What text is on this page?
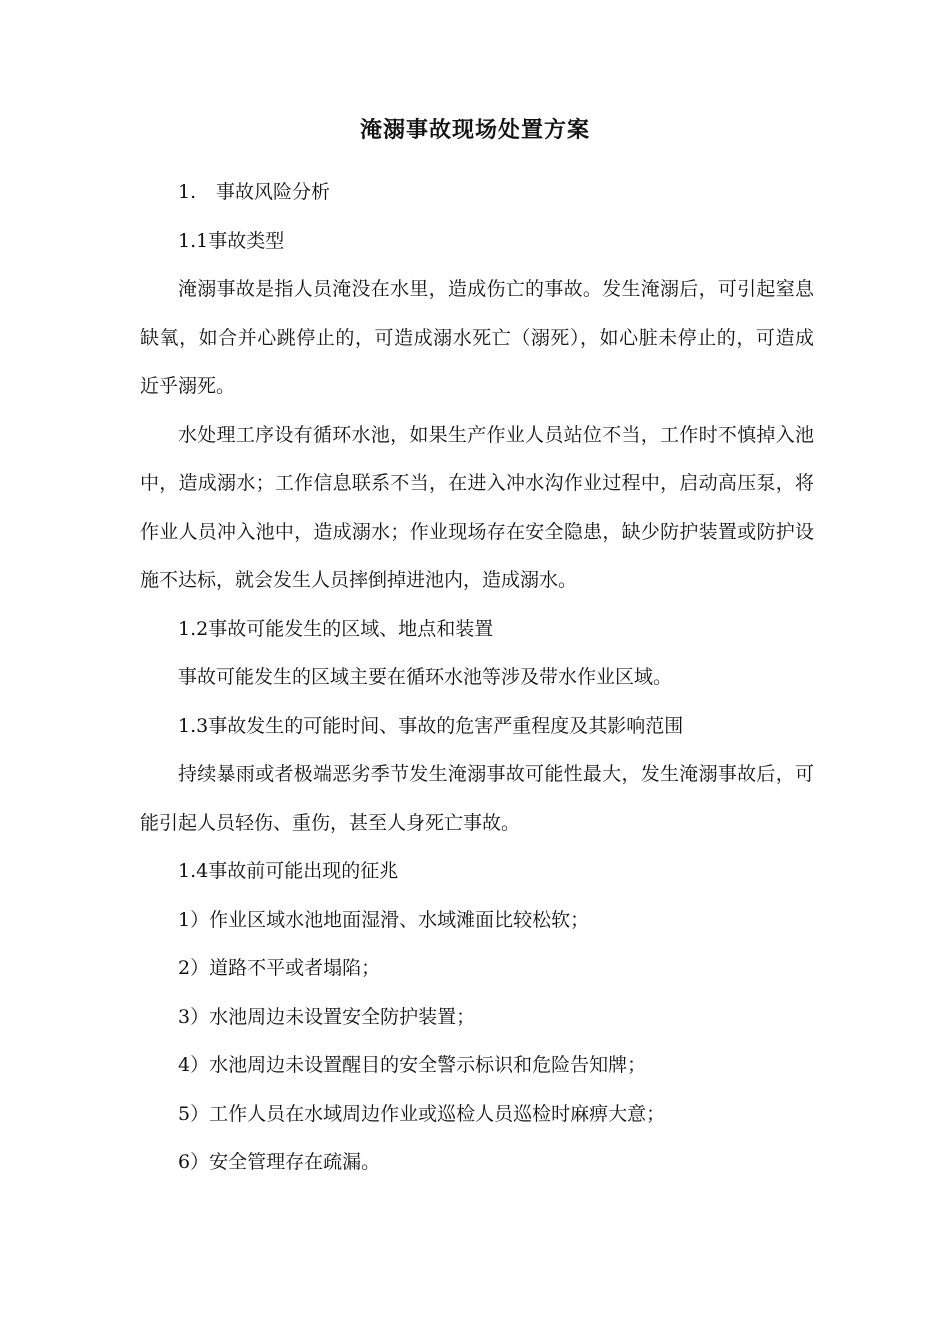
淹溺事故现场处置方案
1. 事故风险分析

1.1事故类型

淹溺事故是指人员淹没在水里，造成伤亡的事故。发生淹溺后，可引起窒息缺氧，如合并心跳停止的，可造成溺水死亡（溺死），如心脏未停止的，可造成近乎溺死。

水处理工序设有循环水池，如果生产作业人员站位不当，工作时不慎掉入池中，造成溺水；工作信息联系不当，在进入冲水沟作业过程中，启动高压泵，将作业人员冲入池中，造成溺水；作业现场存在安全隐患，缺少防护装置或防护设施不达标，就会发生人员摔倒掉进池内，造成溺水。

1.2事故可能发生的区域、地点和装置

事故可能发生的区域主要在循环水池等涉及带水作业区域。

1.3事故发生的可能时间、事故的危害严重程度及其影响范围

持续暴雨或者极端恶劣季节发生淹溺事故可能性最大，发生淹溺事故后，可能引起人员轻伤、重伤，甚至人身死亡事故。

1.4事故前可能出现的征兆

1）作业区域水池地面湿滑、水域滩面比较松软；

2）道路不平或者塌陷；

3）水池周边未设置安全防护装置；

4）水池周边未设置醒目的安全警示标识和危险告知牌；

5）工作人员在水域周边作业或巡检人员巡检时麻痹大意；

6）安全管理存在疏漏。
